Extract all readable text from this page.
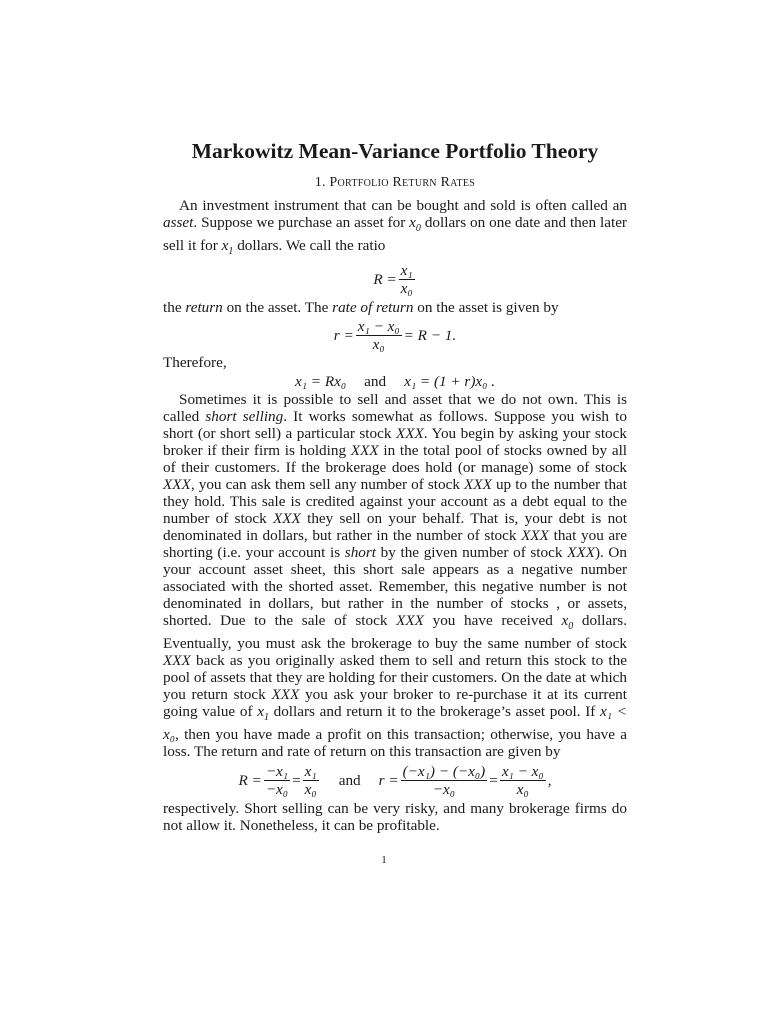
Markowitz Mean-Variance Portfolio Theory
1. Portfolio Return Rates

An investment instrument that can be bought and sold is often called an asset. Suppose we purchase an asset for $x_0$ dollars on one date and then later sell it for $x_1$ dollars. We call the ratio

$R = \frac{\text{x₁}}{\text{x₀}}$

the return on the asset. The rate of return on the asset is given by

$r = \frac{\text{x₁ − x₀}}{\text{x₀}} = R - 1$.

Therefore,

x₁ = Rx₀ and x₁ = (1 + r)x₀ .

Sometimes it is possible to sell and asset that we do not own. This is called short selling. It works somewhat as follows. Suppose you wish to short (or short sell) a particular stock XXX. You begin by asking your stock broker if their firm is holding XXX in the total pool of stocks owned by all of their customers. If the brokerage does hold (or manage) some of stock XXX, you can ask them sell any number of stock XXX up to the number that they hold. This sale is credited against your account as a debt equal to the number of stock XXX they sell on your behalf. That is, your debt is not denominated in dollars, but rather in the number of stock XXX that you are shorting (i.e. your account is short by the given number of stock XXX). On your account asset sheet, this short sale appears as a negative number associated with the shorted asset. Remember, this negative number is not denominated in dollars, but rather in the number of stocks , or assets, shorted. Due to the sale of stock XXX you have received $x_0$ dollars. Eventually, you must ask the brokerage to buy the same number of stock XXX back as you originally asked them to sell and return this stock to the pool of assets that they are holding for their customers. On the date at which you return stock XXX you ask your broker to re-purchase it at its current going value of $x_1$ dollars and return it to the brokerage’s asset pool. If x₁ < x₀, then you have made a profit on this transaction; otherwise, you have a loss. The return and rate of return on this transaction are given by

$R = \frac{\text{−x₁}}{\text{−x₀}} = \frac{\text{x₁}}{\text{x₀}}$ and $r = \frac{\text{(−x₁) − (−x₀)}}{\text{−x₀}} = \frac{\text{x₁ − x₀}}{\text{x₀}}$ ,

respectively. Short selling can be very risky, and many brokerage firms do not allow it. Nonetheless, it can be profitable.

1
